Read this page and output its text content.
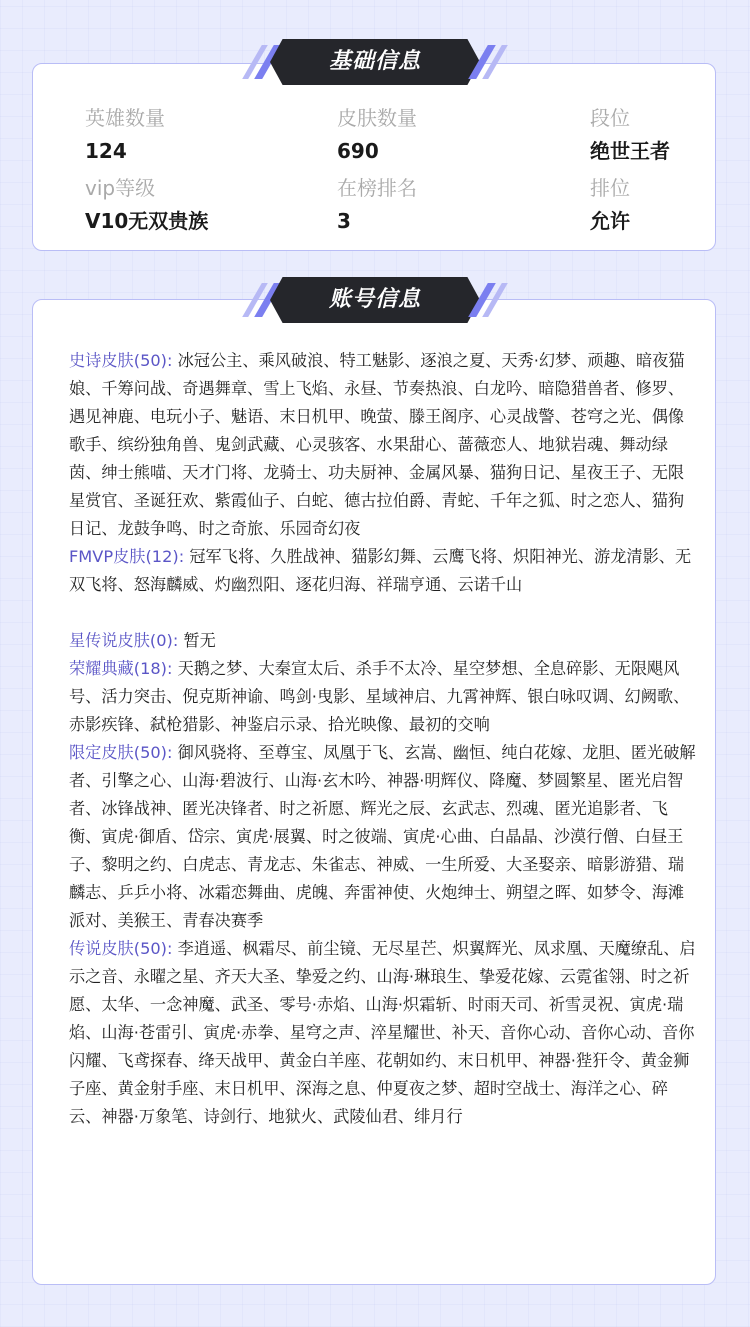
英雄数量
124
皮肤数量
690
段位
绝世王者
vip等级
V10无双贵族
在榜排名
3
排位
允许
基础信息

史诗皮肤(50): 冰冠公主、乘风破浪、特工魅影、逐浪之夏、天秀·幻梦、顽趣、暗夜猫娘、千筹问战、奇遇舞章、雪上飞焰、永昼、节奏热浪、白龙吟、暗隐猎兽者、修罗、遇见神鹿、电玩小子、魅语、末日机甲、晚萤、滕王阁序、心灵战警、苍穹之光、偶像歌手、缤纷独角兽、鬼剑武藏、心灵骇客、水果甜心、蔷薇恋人、地狱岩魂、舞动绿茵、绅士熊喵、天才门将、龙骑士、功夫厨神、金属风暴、猫狗日记、星夜王子、无限星赏官、圣诞狂欢、紫霞仙子、白蛇、德古拉伯爵、青蛇、千年之狐、时之恋人、猫狗日记、龙鼓争鸣、时之奇旅、乐园奇幻夜

FMVP皮肤(12): 冠军飞将、久胜战神、猫影幻舞、云鹰飞将、炽阳神光、游龙清影、无双飞将、怒海麟威、灼幽烈阳、逐花归海、祥瑞亨通、云诺千山

星传说皮肤(0): 暂无

荣耀典藏(18): 天鹅之梦、大秦宣太后、杀手不太冷、星空梦想、全息碎影、无限飓风号、活力突击、倪克斯神谕、鸣剑·曳影、星域神启、九霄神辉、银白咏叹调、幻阙歌、赤影疾锋、弑枪猎影、神鉴启示录、拾光映像、最初的交响

限定皮肤(50): 御风骁将、至尊宝、凤凰于飞、玄嵩、幽恒、纯白花嫁、龙胆、匿光破解者、引擎之心、山海·碧波行、山海·玄木吟、神器·明辉仪、降魔、梦圆繁星、匿光启智者、冰锋战神、匿光决锋者、时之祈愿、辉光之辰、玄武志、烈魂、匿光追影者、飞衡、寅虎·御盾、岱宗、寅虎·展翼、时之彼端、寅虎·心曲、白晶晶、沙漠行僧、白昼王子、黎明之约、白虎志、青龙志、朱雀志、神威、一生所爱、大圣娶亲、暗影游猎、瑞麟志、乒乒小将、冰霜恋舞曲、虎魄、奔雷神使、火炮绅士、朔望之晖、如梦令、海滩派对、美猴王、青春决赛季

传说皮肤(50): 李逍遥、枫霜尽、前尘镜、无尽星芒、炽翼辉光、凤求凰、天魔缭乱、启示之音、永曜之星、齐天大圣、挚爱之约、山海·琳琅生、挚爱花嫁、云霓雀翎、时之祈愿、太华、一念神魔、武圣、零号·赤焰、山海·炽霜斩、时雨天司、祈雪灵祝、寅虎·瑞焰、山海·苍雷引、寅虎·赤拳、星穹之声、淬星耀世、补天、音你心动、音你心动、音你闪耀、飞鸢探春、绛天战甲、黄金白羊座、花朝如约、末日机甲、神器·狴犴令、黄金狮子座、黄金射手座、末日机甲、深海之息、仲夏夜之梦、超时空战士、海洋之心、碎云、神器·万象笔、诗剑行、地狱火、武陵仙君、绯月行

账号信息
